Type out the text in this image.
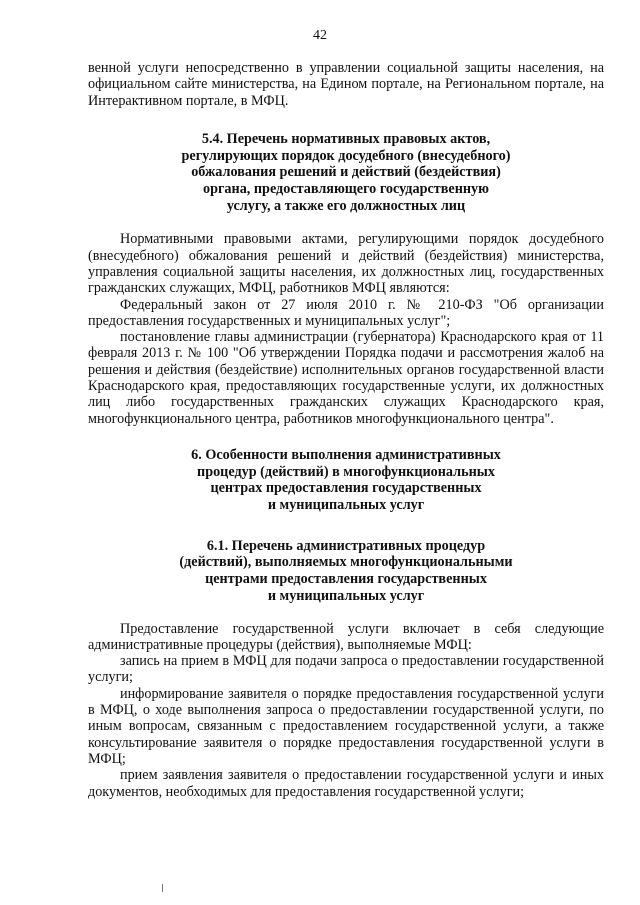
42

венной услуги непосредственно в управлении социальной защиты населения, на официальном сайте министерства, на Едином портале, на Региональном портале, на Интерактивном портале, в МФЦ.

5.4. Перечень нормативных правовых актов,
регулирующих порядок досудебного (внесудебного)
обжалования решений и действий (бездействия)
органа, предоставляющего государственную
услугу, а также его должностных лиц

Нормативными правовыми актами, регулирующими порядок досудебного (внесудебного) обжалования решений и действий (бездействия) министерства, управления социальной защиты населения, их должностных лиц, государственных гражданских служащих, МФЦ, работников МФЦ являются:

Федеральный закон от 27 июля 2010 г. № 210-ФЗ "Об организации предоставления государственных и муниципальных услуг";

постановление главы администрации (губернатора) Краснодарского края от 11 февраля 2013 г. № 100 "Об утверждении Порядка подачи и рассмотрения жалоб на решения и действия (бездействие) исполнительных органов государственной власти Краснодарского края, предоставляющих государственные услуги, их должностных лиц либо государственных гражданских служащих Краснодарского края, многофункционального центра, работников многофункционального центра".

6. Особенности выполнения административных
процедур (действий) в многофункциональных
центрах предоставления государственных
и муниципальных услуг
6.1. Перечень административных процедур
(действий), выполняемых многофункциональными
центрами предоставления государственных
и муниципальных услуг

Предоставление государственной услуги включает в себя следующие административные процедуры (действия), выполняемые МФЦ:

запись на прием в МФЦ для подачи запроса о предоставлении государственной услуги;

информирование заявителя о порядке предоставления государственной услуги в МФЦ, о ходе выполнения запроса о предоставлении государственной услуги, по иным вопросам, связанным с предоставлением государственной услуги, а также консультирование заявителя о порядке предоставления государственной услуги в МФЦ;

прием заявления заявителя о предоставлении государственной услуги и иных документов, необходимых для предоставления государственной услуги;
